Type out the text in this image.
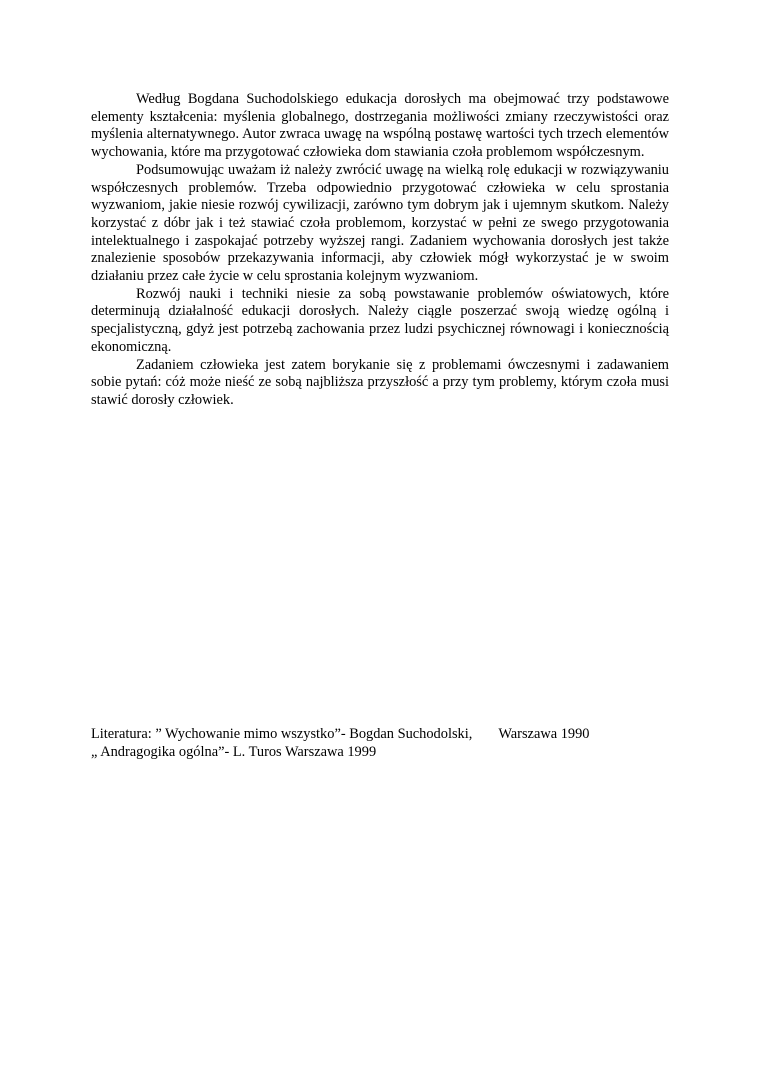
Według Bogdana Suchodolskiego edukacja dorosłych ma obejmować trzy podstawowe elementy kształcenia: myślenia globalnego, dostrzegania możliwości zmiany rzeczywistości oraz myślenia alternatywnego. Autor zwraca uwagę na wspólną postawę wartości tych trzech elementów wychowania, które ma przygotować człowieka dom stawiania czoła problemom współczesnym.

Podsumowując uważam iż należy zwrócić uwagę na wielką rolę edukacji w rozwiązywaniu współczesnych problemów. Trzeba odpowiednio przygotować człowieka w celu sprostania wyzwaniom, jakie niesie rozwój cywilizacji, zarówno tym dobrym jak i ujemnym skutkom. Należy korzystać z dóbr jak i też stawiać czoła problemom, korzystać w pełni ze swego przygotowania intelektualnego i zaspokajać potrzeby wyższej rangi. Zadaniem wychowania dorosłych jest także znalezienie sposobów przekazywania informacji, aby człowiek mógł wykorzystać je w swoim działaniu przez całe życie w celu sprostania kolejnym wyzwaniom.

Rozwój nauki i techniki niesie za sobą powstawanie problemów oświatowych, które determinują działalność edukacji dorosłych. Należy ciągle poszerzać swoją wiedzę ogólną i specjalistyczną, gdyż jest potrzebą zachowania przez ludzi psychicznej równowagi i koniecznością ekonomiczną.

Zadaniem człowieka jest zatem borykanie się z problemami ówczesnymi i zadawaniem sobie pytań: cóż może nieść ze sobą najbliższa przyszłość a przy tym problemy, którym czoła musi stawić dorosły człowiek.

Literatura: ” Wychowanie mimo wszystko”- Bogdan Suchodolski, Warszawa 1990

„ Andragogika ogólna”- L. Turos Warszawa 1999
